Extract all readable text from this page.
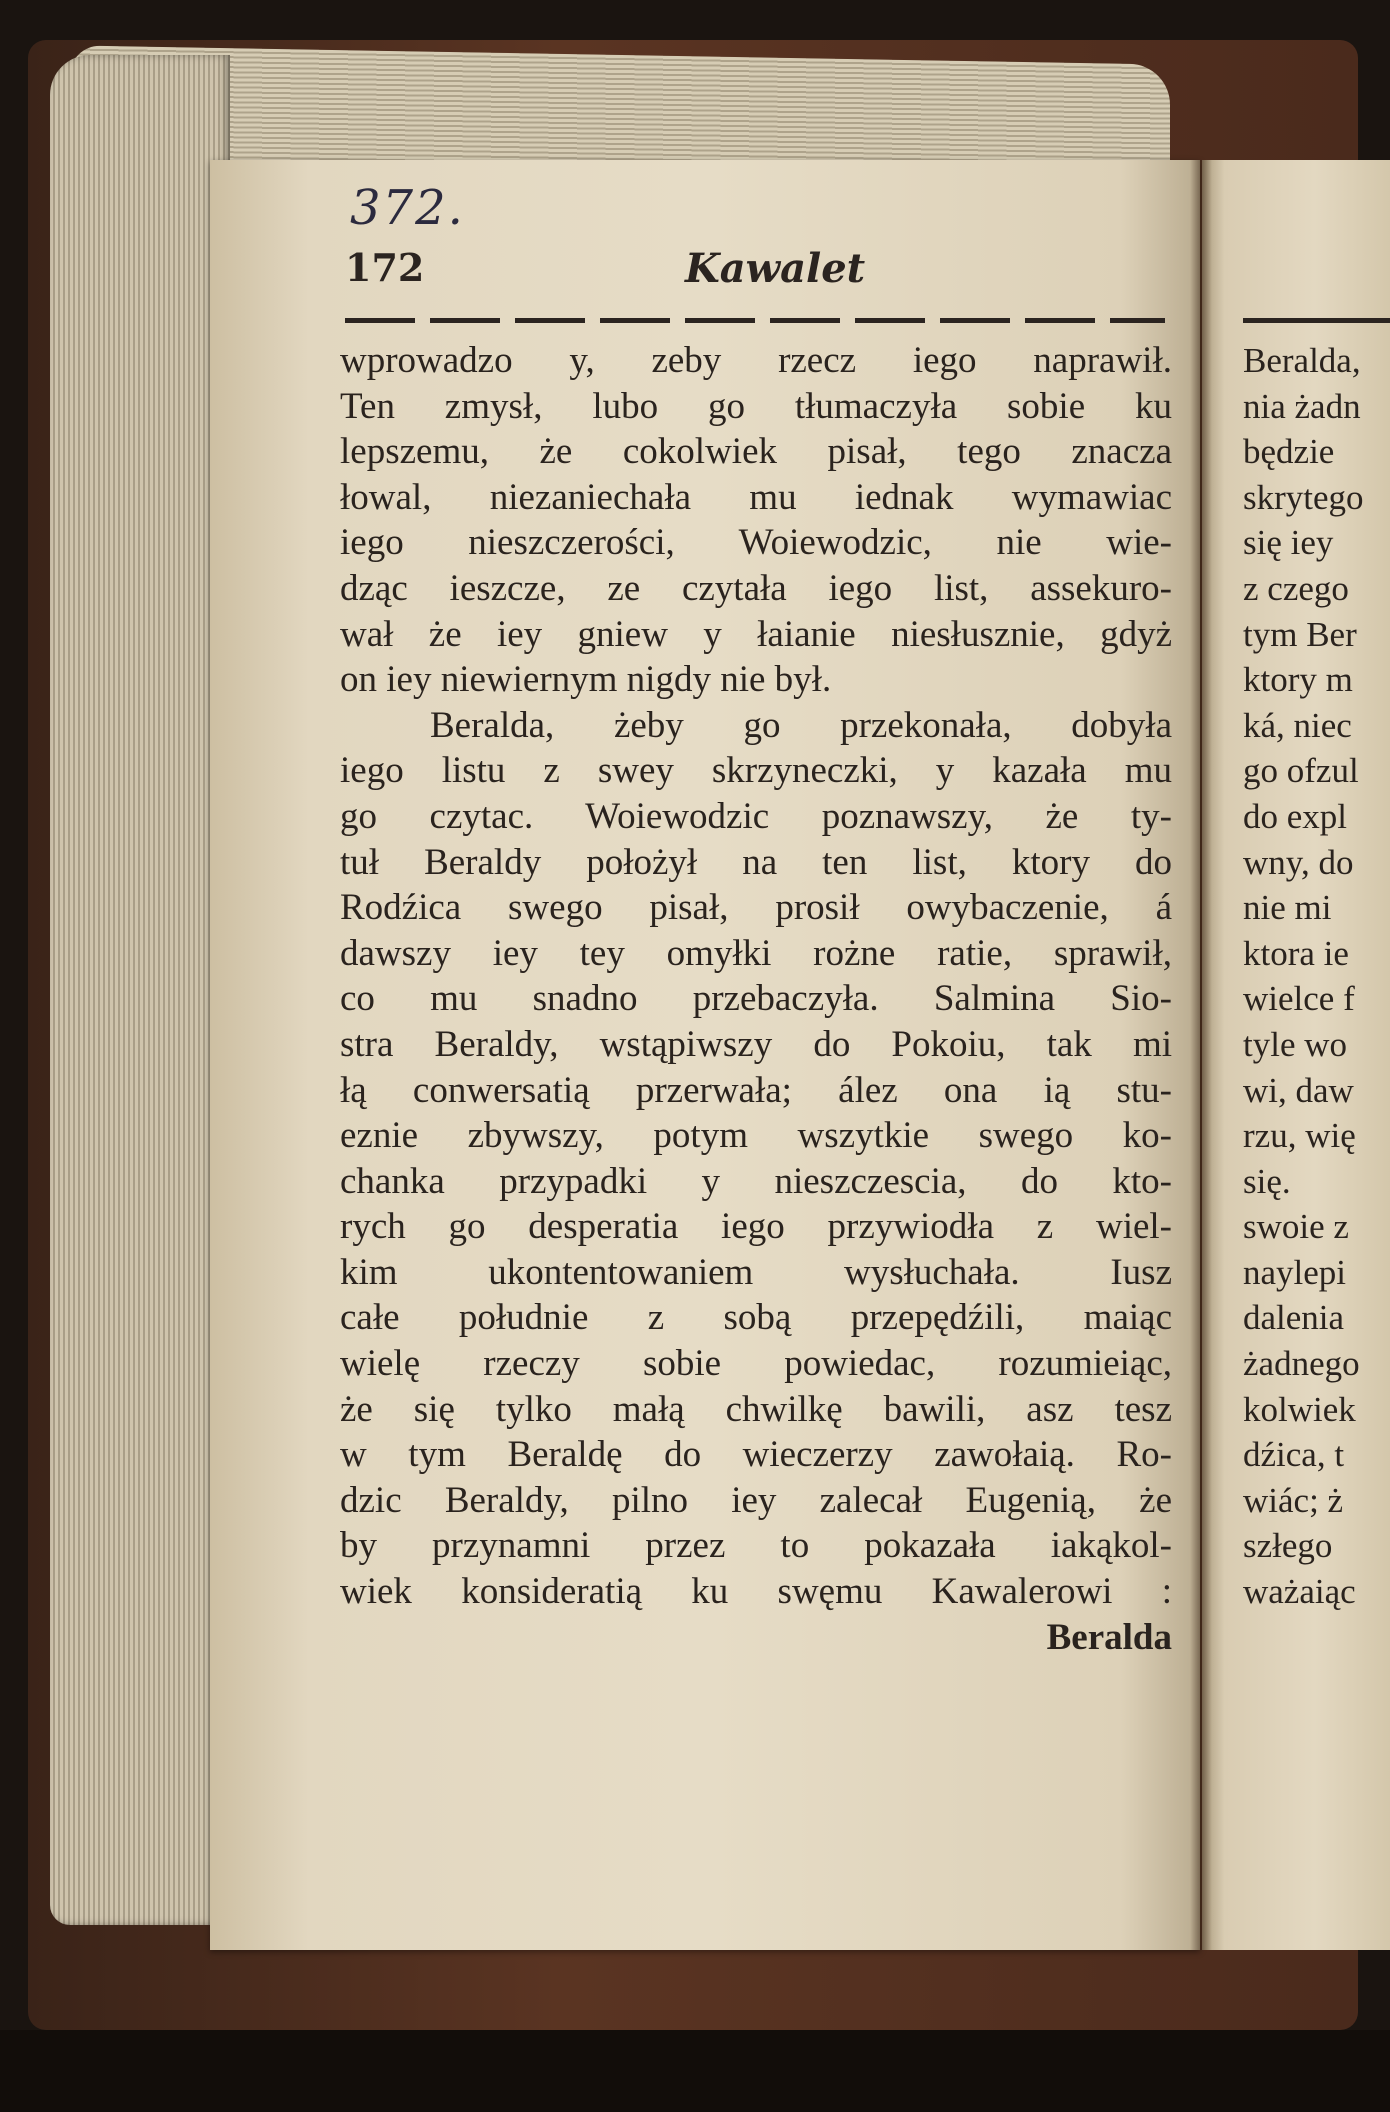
372.
172	Kawalet
wprowadzo y, zeby rzecz iego naprawił.
Ten zmysł, lubo go tłumaczyła sobie ku
lepszemu, że cokolwiek pisał, tego znacza
łowal, niezaniechała mu iednak wymawiac
iego nieszczerości, Woiewodzic, nie wie-
dząc ieszcze, ze czytała iego list, assekuro-
wał że iey gniew y łaianie niesłusznie, gdyż
on iey niewiernym nigdy nie był.
Beralda, żeby go przekonała, dobyła
iego listu z swey skrzyneczki, y kazała mu
go czytac. Woiewodzic poznawszy, że ty-
tuł Beraldy położył na ten list, ktory do
Rodźica swego pisał, prosił owybaczenie, á
dawszy iey tey omyłki rożne ratie, sprawił,
co mu snadno przebaczyła. Salmina Sio-
stra Beraldy, wstąpiwszy do Pokoiu, tak mi
łą conwersatią przerwała; ález ona ią stu-
eznie zbywszy, potym wszytkie swego ko-
chanka przypadki y nieszczescia, do kto-
rych go desperatia iego przywiodła z wiel-
kim ukontentowaniem wysłuchała. Iusz
całe południe z sobą przepędźili, maiąc
wielę rzeczy sobie powiedac, rozumieiąc,
że się tylko małą chwilkę bawili, asz tesz
w tym Beraldę do wieczerzy zawołaią. Ro-
dzic Beraldy, pilno iey zalecał Eugenią, że
by przynamni przez to pokazała iakąkol-
wiek konsideratią ku swęmu Kawalerowi :
Beralda
Beralda,
nia żadn
będzie
skrytego
się iey
z czego
tym Ber
ktory m
ká, niec
go ofzul
do expl
wny, do
nie mi
ktora ie
wielce f
tyle wo
wi, daw
rzu, wię
się.
swoie z
naylepi
dalenia
żadnego
kolwiek
dźica, t
wiác; ż
szłego
ważaiąc
